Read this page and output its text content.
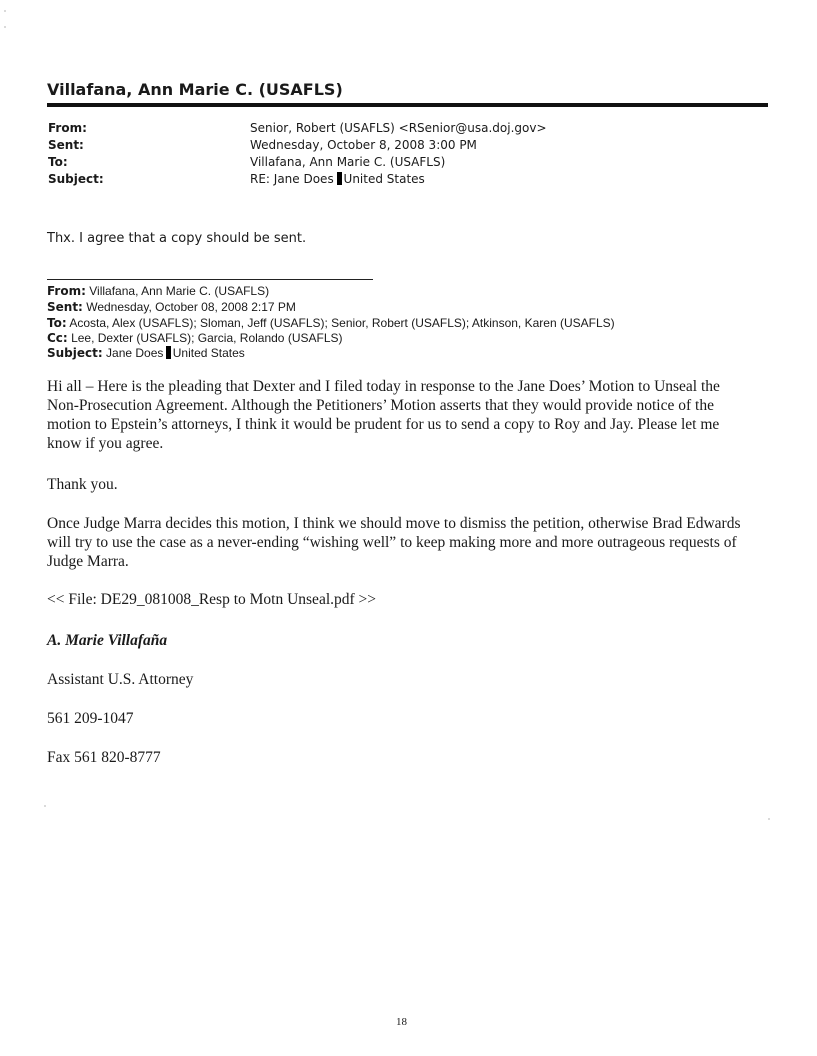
Villafana, Ann Marie C. (USAFLS)
From:	Senior, Robert (USAFLS) <RSenior@usa.doj.gov>
Sent:	Wednesday, October 8, 2008 3:00 PM
To:	Villafana, Ann Marie C. (USAFLS)
Subject:	RE: Jane Does United States
Thx. I agree that a copy should be sent.
From: Villafana, Ann Marie C. (USAFLS)
Sent: Wednesday, October 08, 2008 2:17 PM
To: Acosta, Alex (USAFLS); Sloman, Jeff (USAFLS); Senior, Robert (USAFLS); Atkinson, Karen (USAFLS)
Cc: Lee, Dexter (USAFLS); Garcia, Rolando (USAFLS)
Subject: Jane Does United States
Hi all – Here is the pleading that Dexter and I filed today in response to the Jane Does’ Motion to Unseal the
Non-Prosecution Agreement. Although the Petitioners’ Motion asserts that they would provide notice of the
motion to Epstein’s attorneys, I think it would be prudent for us to send a copy to Roy and Jay. Please let me
know if you agree.
Thank you.
Once Judge Marra decides this motion, I think we should move to dismiss the petition, otherwise Brad Edwards
will try to use the case as a never-ending “wishing well” to keep making more and more outrageous requests of
Judge Marra.
<< File: DE29_081008_Resp to Motn Unseal.pdf >>
A. Marie Villafaña
Assistant U.S. Attorney
561 209-1047
Fax 561 820-8777
18
